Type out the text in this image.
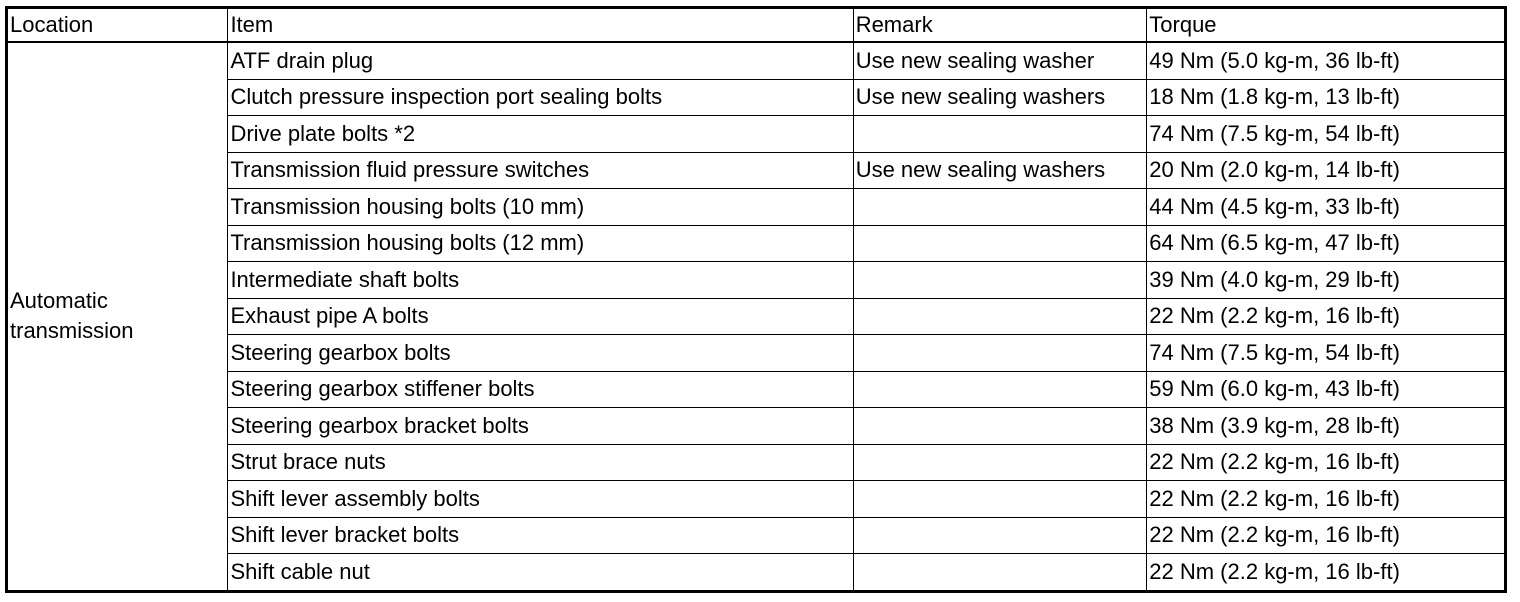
Location	Item	Remark	Torque
Automatic transmission	ATF drain plug	Use new sealing washer	49 Nm (5.0 kg-m, 36 lb-ft)
	Clutch pressure inspection port sealing bolts	Use new sealing washers	18 Nm (1.8 kg-m, 13 lb-ft)
	Drive plate bolts *2		74 Nm (7.5 kg-m, 54 lb-ft)
	Transmission fluid pressure switches	Use new sealing washers	20 Nm (2.0 kg-m, 14 lb-ft)
	Transmission housing bolts (10 mm)		44 Nm (4.5 kg-m, 33 lb-ft)
	Transmission housing bolts (12 mm)		64 Nm (6.5 kg-m, 47 lb-ft)
	Intermediate shaft bolts		39 Nm (4.0 kg-m, 29 lb-ft)
	Exhaust pipe A bolts		22 Nm (2.2 kg-m, 16 lb-ft)
	Steering gearbox bolts		74 Nm (7.5 kg-m, 54 lb-ft)
	Steering gearbox stiffener bolts		59 Nm (6.0 kg-m, 43 lb-ft)
	Steering gearbox bracket bolts		38 Nm (3.9 kg-m, 28 lb-ft)
	Strut brace nuts		22 Nm (2.2 kg-m, 16 lb-ft)
	Shift lever assembly bolts		22 Nm (2.2 kg-m, 16 lb-ft)
	Shift lever bracket bolts		22 Nm (2.2 kg-m, 16 lb-ft)
	Shift cable nut		22 Nm (2.2 kg-m, 16 lb-ft)
